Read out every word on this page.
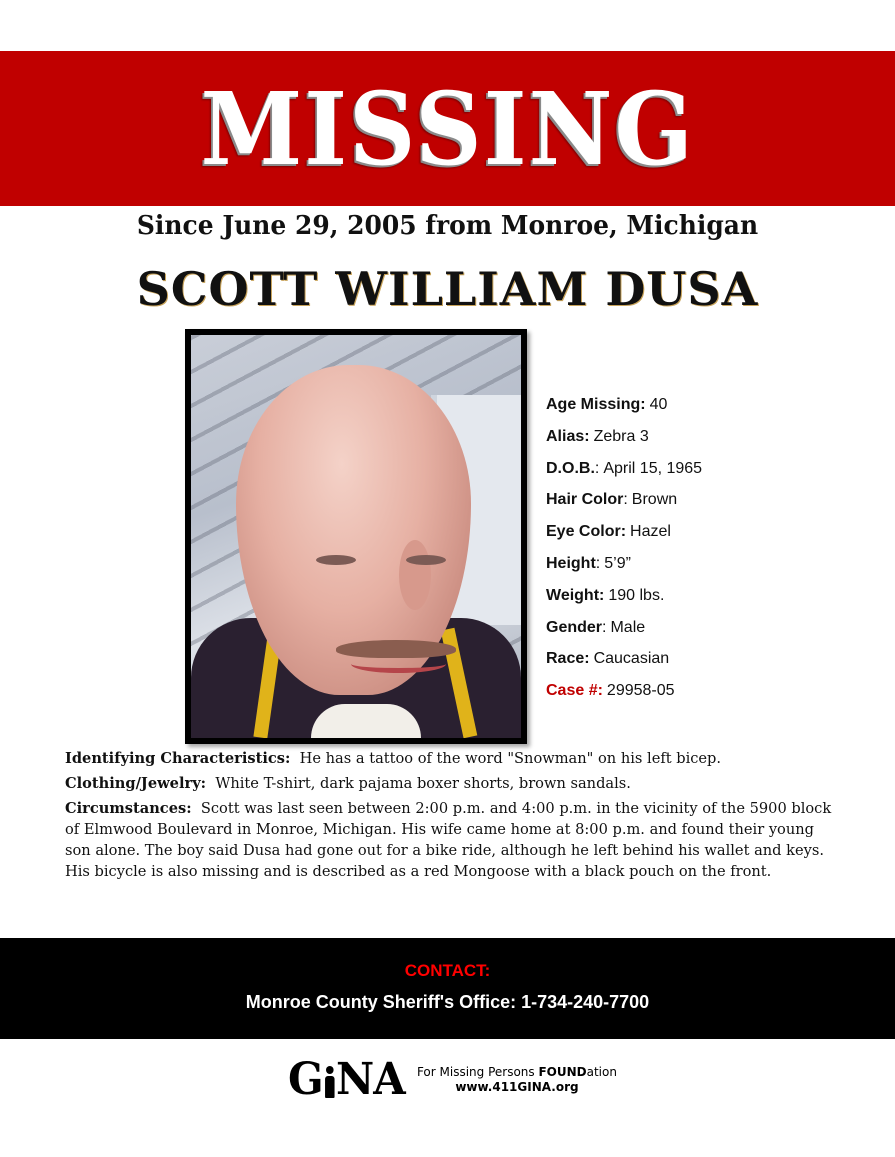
MISSING
Since June 29, 2005 from Monroe, Michigan
SCOTT WILLIAM DUSA
Age Missing: 40
Alias: Zebra 3
D.O.B.: April 15, 1965
Hair Color: Brown
Eye Color: Hazel
Height: 5’9”
Weight: 190 lbs.
Gender: Male
Race: Caucasian
Case #: 29958-05

Identifying Characteristics: He has a tattoo of the word "Snowman" on his left bicep.

Clothing/Jewelry: White T-shirt, dark pajama boxer shorts, brown sandals.

Circumstances: Scott was last seen between 2:00 p.m. and 4:00 p.m. in the vicinity of the 5900 block of Elmwood Boulevard in Monroe, Michigan. His wife came home at 8:00 p.m. and found their young son alone. The boy said Dusa had gone out for a bike ride, although he left behind his wallet and keys. His bicycle is also missing and is described as a red Mongoose with a black pouch on the front.

CONTACT:
Monroe County Sheriff's Office: 1-734-240-7700
G NA For Missing Persons FOUNDation
www.411GINA.org
